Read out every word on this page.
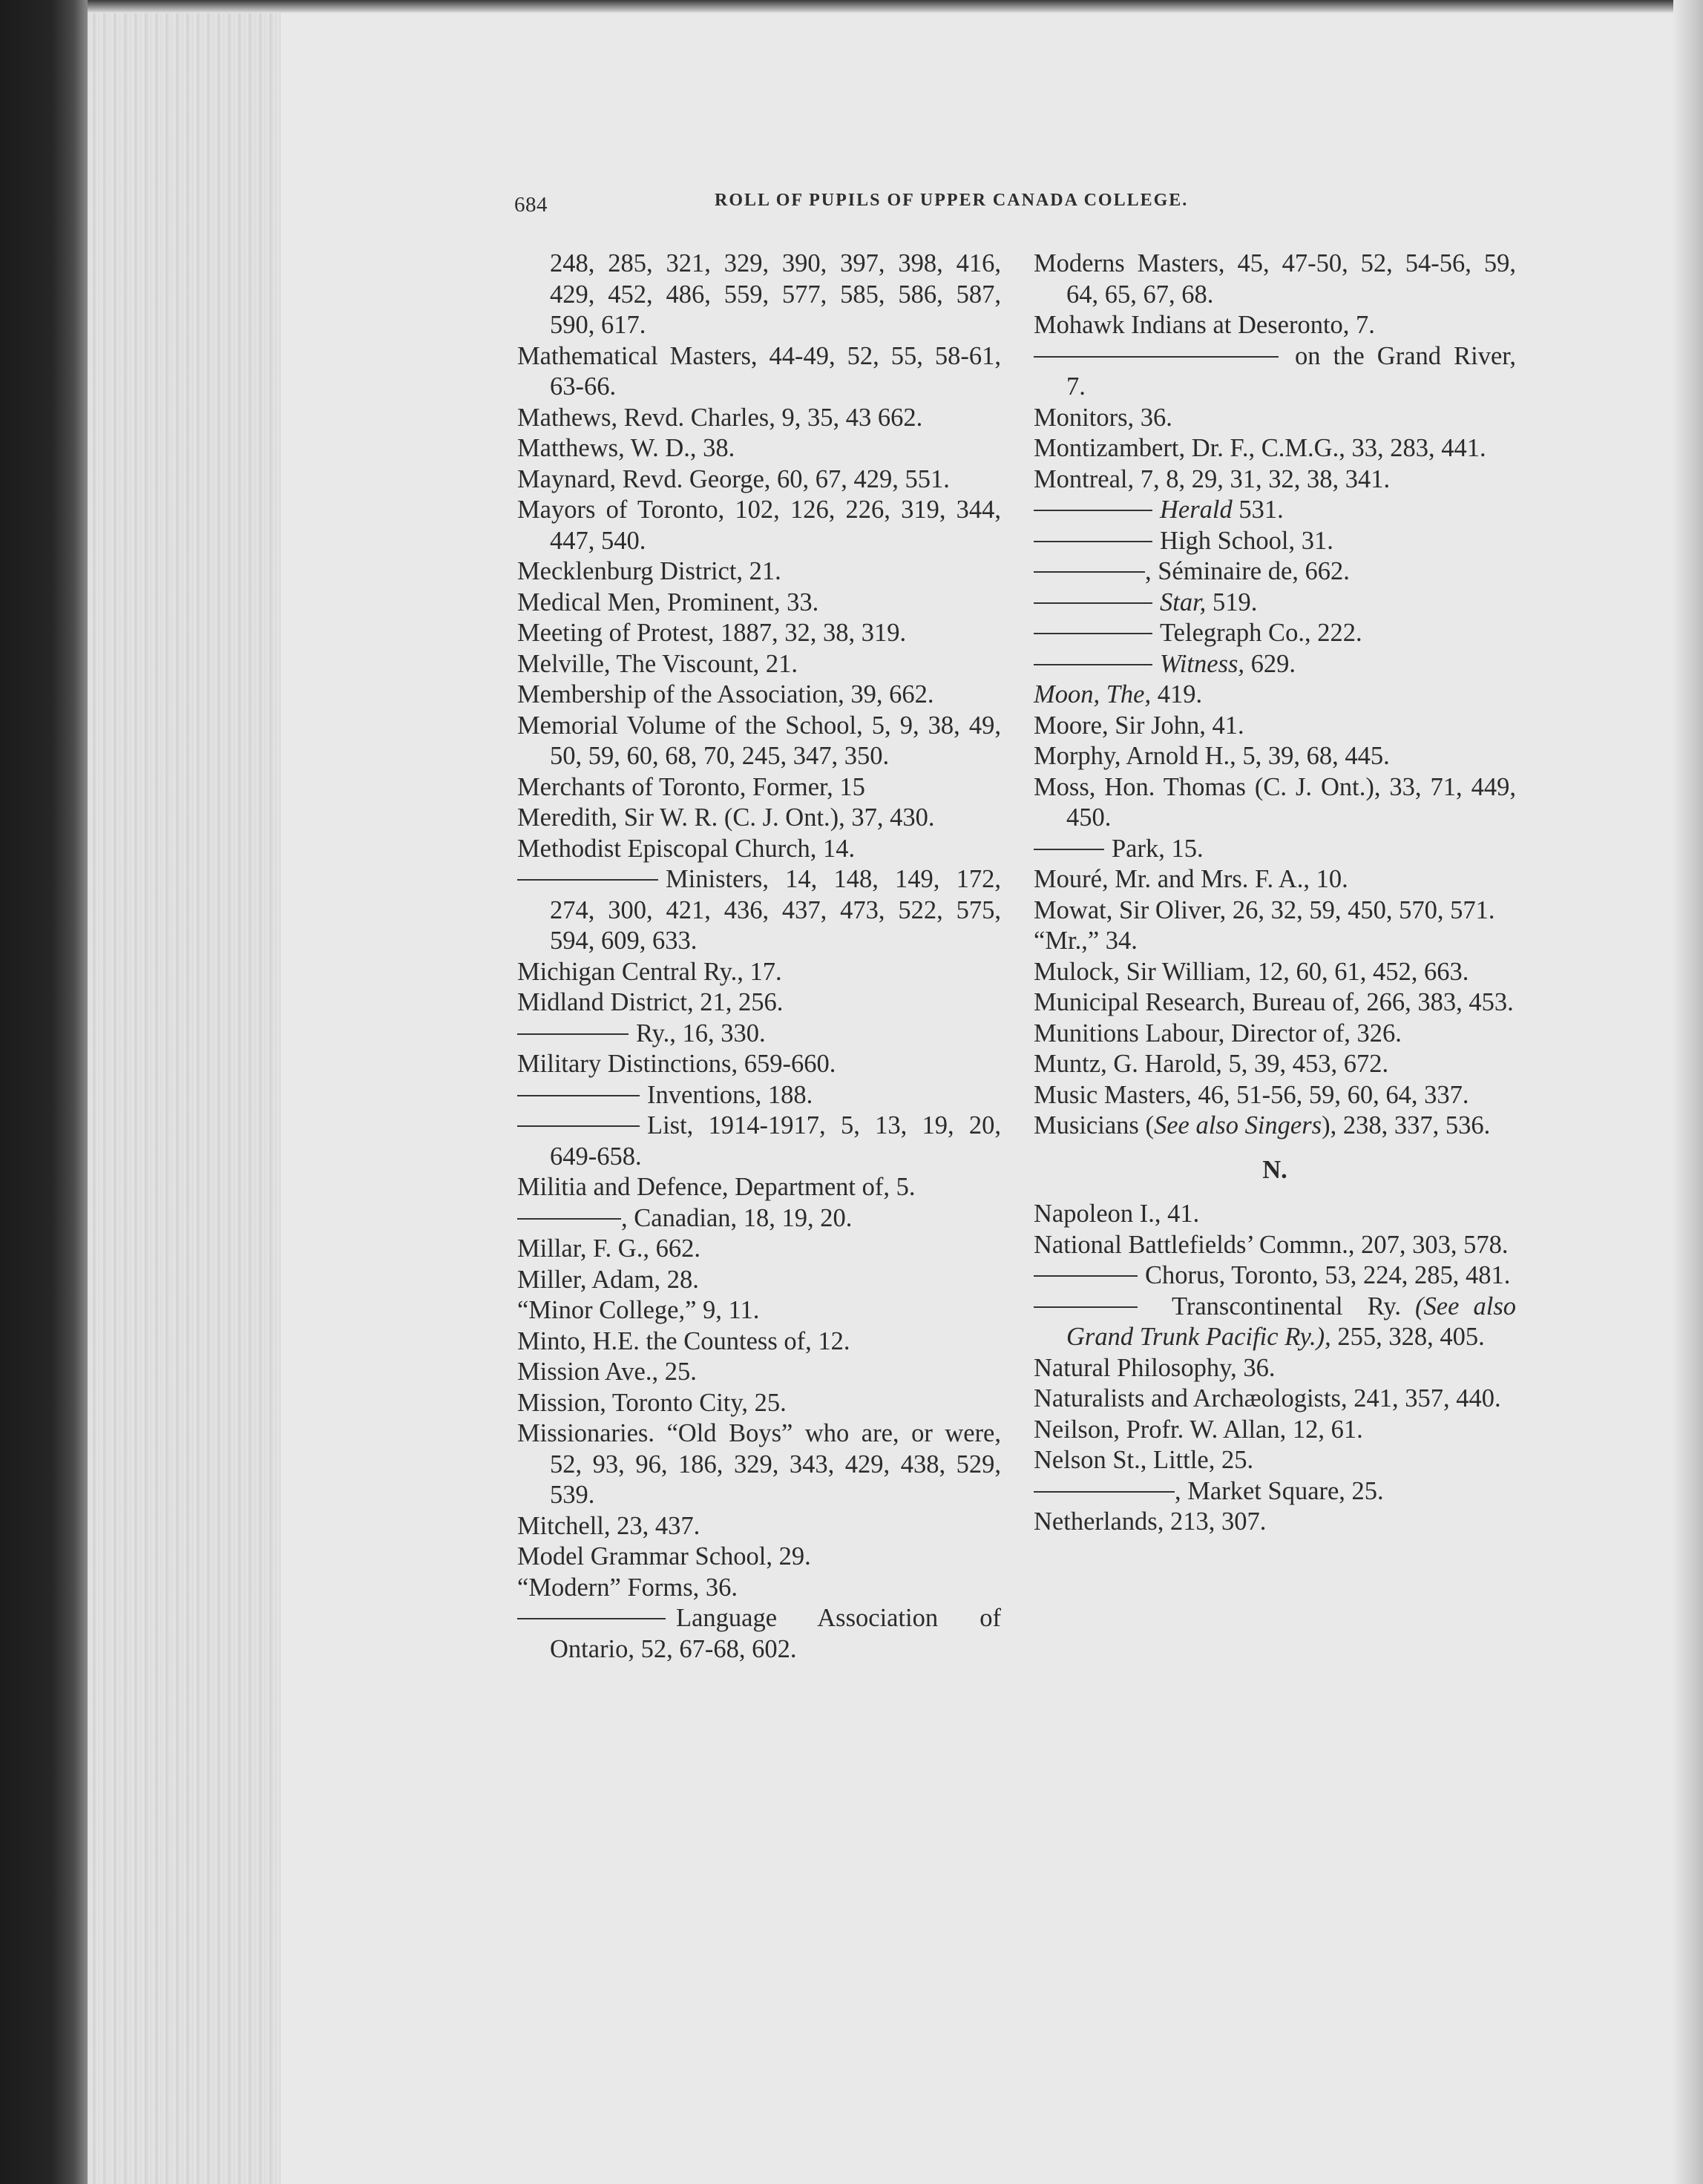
684	ROLL OF PUPILS OF UPPER CANADA COLLEGE.

248, 285, 321, 329, 390, 397, 398, 416, 429, 452, 486, 559, 577, 585, 586, 587, 590, 617.

Mathematical Masters, 44-49, 52, 55, 58-61, 63-66.

Mathews, Revd. Charles, 9, 35, 43 662.

Matthews, W. D., 38.

Maynard, Revd. George, 60, 67, 429, 551.

Mayors of Toronto, 102, 126, 226, 319, 344, 447, 540.

Mecklenburg District, 21.

Medical Men, Prominent, 33.

Meeting of Protest, 1887, 32, 38, 319.

Melville, The Viscount, 21.

Membership of the Association, 39, 662.

Memorial Volume of the School, 5, 9, 38, 49, 50, 59, 60, 68, 70, 245, 347, 350.

Merchants of Toronto, Former, 15

Meredith, Sir W. R. (C. J. Ont.), 37, 430.

Methodist Episcopal Church, 14.

Ministers, 14, 148, 149, 172, 274, 300, 421, 436, 437, 473, 522, 575, 594, 609, 633.

Michigan Central Ry., 17.

Midland District, 21, 256.

Ry., 16, 330.

Military Distinctions, 659-660.

Inventions, 188.

List, 1914-1917, 5, 13, 19, 20, 649-658.

Militia and Defence, Department of, 5.

, Canadian, 18, 19, 20.

Millar, F. G., 662.

Miller, Adam, 28.

“Minor College,” 9, 11.

Minto, H.E. the Countess of, 12.

Mission Ave., 25.

Mission, Toronto City, 25.

Missionaries. “Old Boys” who are, or were, 52, 93, 96, 186, 329, 343, 429, 438, 529, 539.

Mitchell, 23, 437.

Model Grammar School, 29.

“Modern” Forms, 36.

Language Association of Ontario, 52, 67-68, 602.

Moderns Masters, 45, 47-50, 52, 54-56, 59, 64, 65, 67, 68.

Mohawk Indians at Deseronto, 7.

on the Grand River, 7.

Monitors, 36.

Montizambert, Dr. F., C.M.G., 33, 283, 441.

Montreal, 7, 8, 29, 31, 32, 38, 341.

Herald 531.

High School, 31.

, Séminaire de, 662.

Star, 519.

Telegraph Co., 222.

Witness, 629.

Moon, The, 419.

Moore, Sir John, 41.

Morphy, Arnold H., 5, 39, 68, 445.

Moss, Hon. Thomas (C. J. Ont.), 33, 71, 449, 450.

Park, 15.

Mouré, Mr. and Mrs. F. A., 10.

Mowat, Sir Oliver, 26, 32, 59, 450, 570, 571.

“Mr.,” 34.

Mulock, Sir William, 12, 60, 61, 452, 663.

Municipal Research, Bureau of, 266, 383, 453.

Munitions Labour, Director of, 326.

Muntz, G. Harold, 5, 39, 453, 672.

Music Masters, 46, 51-56, 59, 60, 64, 337.

Musicians (See also Singers), 238, 337, 536.

N.

Napoleon I., 41.

National Battlefields’ Commn., 207, 303, 578.

Chorus, Toronto, 53, 224, 285, 481.

Transcontinental Ry. (See also Grand Trunk Pacific Ry.), 255, 328, 405.

Natural Philosophy, 36.

Naturalists and Archæologists, 241, 357, 440.

Neilson, Profr. W. Allan, 12, 61.

Nelson St., Little, 25.

, Market Square, 25.

Netherlands, 213, 307.
